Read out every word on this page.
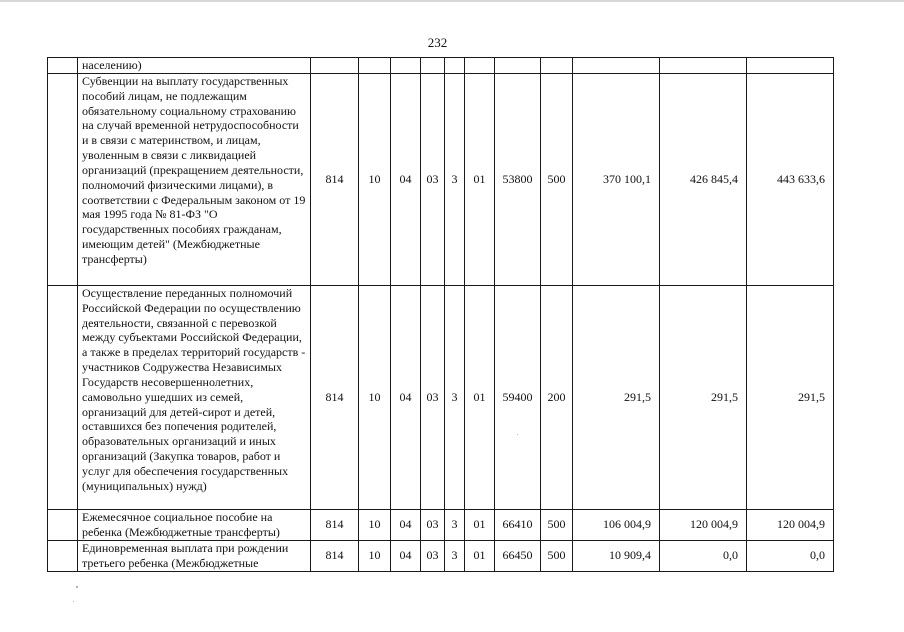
232
	населению)											
	Субвенции на выплату государственных пособий лицам, не подлежащим обязательному социальному страхованию на случай временной нетрудоспособности и в связи с материнством, и лицам, уволенным в связи с ликвидацией организаций (прекращением деятельности, полномочий физическими лицами), в соответствии с Федеральным законом от 19 мая 1995 года № 81-ФЗ "О государственных пособиях гражданам, имеющим детей" (Межбюджетные трансферты)	814	10	04	03	3	01	53800	500	370 100,1	426 845,4	443 633,6
	Осуществление переданных полномочий Российской Федерации по осуществлению деятельности, связанной с перевозкой между субъектами Российской Федерации, а также в пределах территорий государств - участников Содружества Независимых Государств несовершеннолетних, самовольно ушедших из семей, организаций для детей-сирот и детей, оставшихся без попечения родителей, образовательных организаций и иных организаций (Закупка товаров, работ и услуг для обеспечения государственных (муниципальных) нужд)	814	10	04	03	3	01	59400	200	291,5	291,5	291,5
	Ежемесячное социальное пособие на ребенка (Межбюджетные трансферты)	814	10	04	03	3	01	66410	500	106 004,9	120 004,9	120 004,9
	Единовременная выплата при рождении третьего ребенка (Межбюджетные	814	10	04	03	3	01	66450	500	10 909,4	0,0	0,0
